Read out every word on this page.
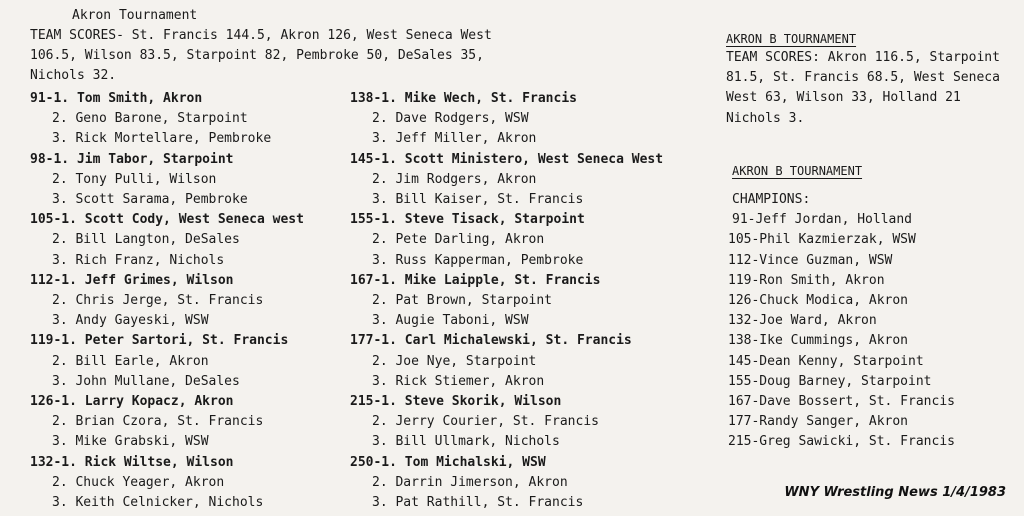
Akron Tournament
TEAM SCORES- St. Francis 144.5, Akron 126, West Seneca West
106.5, Wilson 83.5, Starpoint 82, Pembroke 50, DeSales 35,
Nichols 32.
91-1. Tom Smith, Akron
2. Geno Barone, Starpoint
3. Rick Mortellare, Pembroke
98-1. Jim Tabor, Starpoint
2. Tony Pulli, Wilson
3. Scott Sarama, Pembroke
105-1. Scott Cody, West Seneca west
2. Bill Langton, DeSales
3. Rich Franz, Nichols
112-1. Jeff Grimes, Wilson
2. Chris Jerge, St. Francis
3. Andy Gayeski, WSW
119-1. Peter Sartori, St. Francis
2. Bill Earle, Akron
3. John Mullane, DeSales
126-1. Larry Kopacz, Akron
2. Brian Czora, St. Francis
3. Mike Grabski, WSW
132-1. Rick Wiltse, Wilson
2. Chuck Yeager, Akron
3. Keith Celnicker, Nichols
138-1. Mike Wech, St. Francis
2. Dave Rodgers, WSW
3. Jeff Miller, Akron
145-1. Scott Ministero, West Seneca West
2. Jim Rodgers, Akron
3. Bill Kaiser, St. Francis
155-1. Steve Tisack, Starpoint
2. Pete Darling, Akron
3. Russ Kapperman, Pembroke
167-1. Mike Laipple, St. Francis
2. Pat Brown, Starpoint
3. Augie Taboni, WSW
177-1. Carl Michalewski, St. Francis
2. Joe Nye, Starpoint
3. Rick Stiemer, Akron
215-1. Steve Skorik, Wilson
2. Jerry Courier, St. Francis
3. Bill Ullmark, Nichols
250-1. Tom Michalski, WSW
2. Darrin Jimerson, Akron
3. Pat Rathill, St. Francis
AKRON B TOURNAMENT
TEAM SCORES: Akron 116.5, Starpoint
81.5, St. Francis 68.5, West Seneca
West 63, Wilson 33, Holland 21
Nichols 3.
AKRON B TOURNAMENT
CHAMPIONS:
91-Jeff Jordan, Holland
105-Phil Kazmierzak, WSW
112-Vince Guzman, WSW
119-Ron Smith, Akron
126-Chuck Modica, Akron
132-Joe Ward, Akron
138-Ike Cummings, Akron
145-Dean Kenny, Starpoint
155-Doug Barney, Starpoint
167-Dave Bossert, St. Francis
177-Randy Sanger, Akron
215-Greg Sawicki, St. Francis
WNY Wrestling News 1/4/1983
